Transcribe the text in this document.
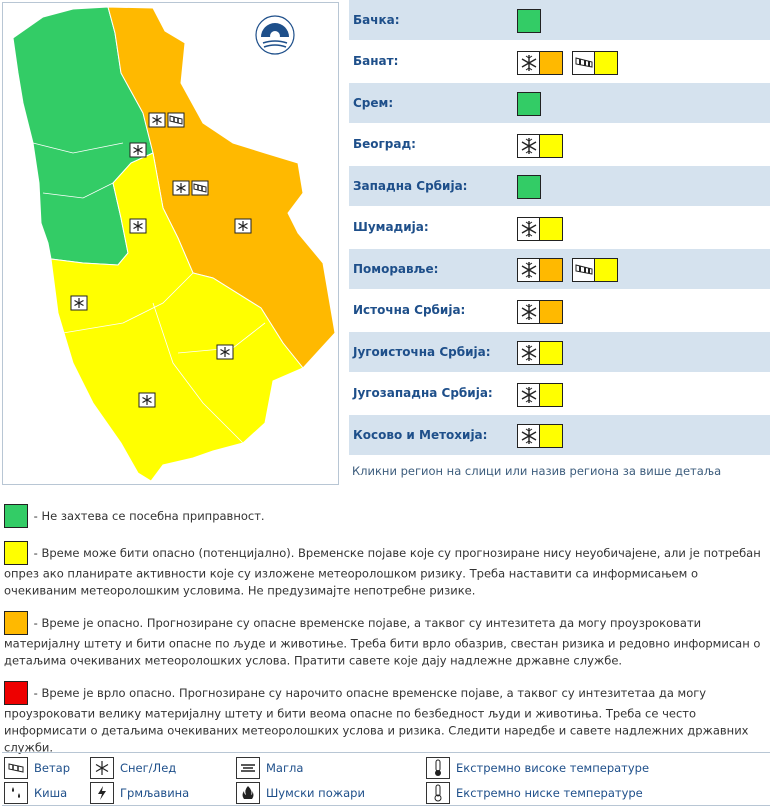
Бачка:
Банат:
Срем:
Београд:
Западна Србија:
Шумадија:
Поморавље:
Источна Србија:
Југоисточна Србија:
Југозападна Србија:
Косово и Метохија:
Кликни регион на слици или назив региона за више детаља
- Не захтева се посебна приправност.
- Време може бити опасно (потенцијално). Временске појаве које су прогнозиране нису неуобичајене, али је потребан опрез ако планирате активности које су изложене метеоролошком ризику. Треба наставити са информисањем о очекиваним метеоролошким условима. Не предузимајте непотребне ризике.
- Време је опасно. Прогнозиране су опасне временске појаве, а таквог су интезитета да могу проузроковати материјалну штету и бити опасне по људе и животиње. Треба бити врло обазрив, свестан ризика и редовно информисан о детаљима очекиваних метеоролошких услова. Пратити савете које дају надлежне државне службе.
- Време је врло опасно. Прогнозиране су нарочито опасне временске појаве, а таквог су интезитетаа да могу проузроковати велику материјалну штету и бити веома опасне по безбедност људи и животиња. Треба се често информисати о детаљима очекиваних метеоролошких услова и ризика. Следити наредбе и савете надлежних државних служби.
Ветар	Снег/Лед	Магла	Екстремно високе температуре
Киша	Грмљавина	Шумски пожари	Екстремно ниске температуре
